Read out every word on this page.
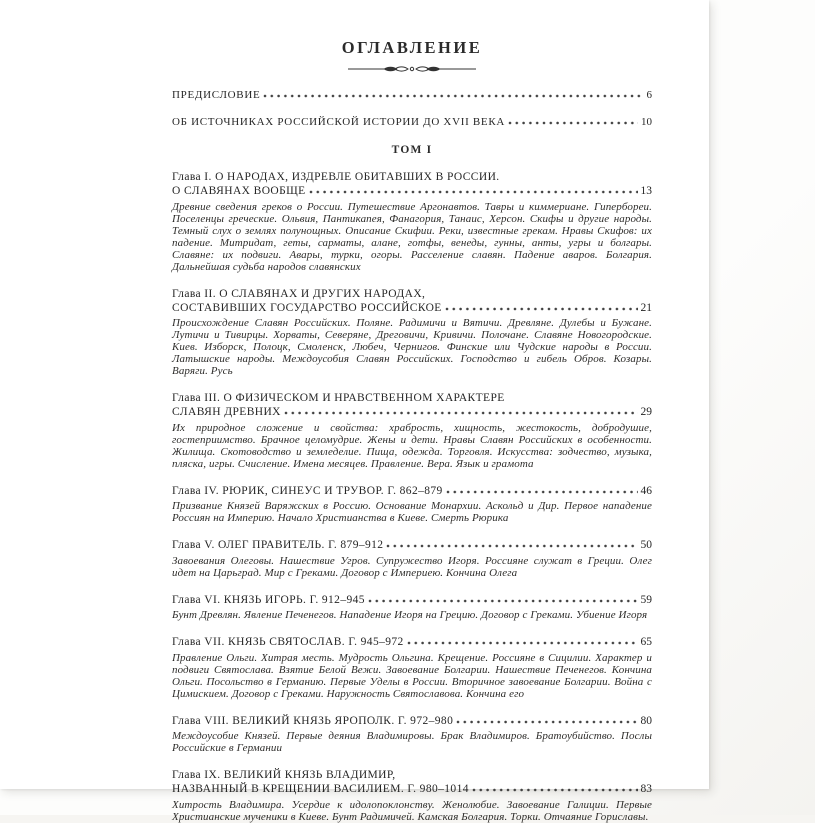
ОГЛАВЛЕНИЕ
ПРЕДИСЛОВИЕ	6
ОБ ИСТОЧНИКАХ РОССИЙСКОЙ ИСТОРИИ ДО XVII ВЕКА	10
ТОМ I
Глава I. О НАРОДАХ, ИЗДРЕВЛЕ ОБИТАВШИХ В РОССИИ.
О СЛАВЯНАХ ВООБЩЕ	13

Древние сведения греков о России. Путешествие Аргонавтов. Тавры и киммериане. Гипербореи. Поселенцы греческие. Ольвия, Пантикапея, Фанагория, Танаис, Херсон. Скифы и другие народы. Темный слух о землях полунощных. Описание Скифии. Реки, известные грекам. Нравы Скифов: их падение. Митридат, геты, сарматы, алане, готфы, венеды, гунны, анты, угры и болгары. Славяне: их подвиги. Авары, турки, огоры. Расселение славян. Падение аваров. Болгария. Дальнейшая судьба народов славянских

Глава II. О СЛАВЯНАХ И ДРУГИХ НАРОДАХ,
СОСТАВИВШИХ ГОСУДАРСТВО РОССИЙСКОЕ	21

Происхождение Славян Российских. Поляне. Радимичи и Вятичи. Древляне. Дулебы и Бужане. Лутичи и Тивирцы. Хорваты, Северяне, Дреговичи, Кривичи. Полочане. Славяне Новогородские. Киев. Изборск, Полоцк, Смоленск, Любеч, Чернигов. Финские или Чудские народы в России. Латышские народы. Междоусобия Славян Российских. Господство и гибель Обров. Козары. Варяги. Русь

Глава III. О ФИЗИЧЕСКОМ И НРАВСТВЕННОМ ХАРАКТЕРЕ
СЛАВЯН ДРЕВНИХ	29

Их природное сложение и свойства: храбрость, хищность, жестокость, добродушие, гостеприимство. Брачное целомудрие. Жены и дети. Нравы Славян Российских в особенности. Жилища. Скотоводство и земледелие. Пища, одежда. Торговля. Искусства: зодчество, музыка, пляска, игры. Счисление. Имена месяцев. Правление. Вера. Язык и грамота

Глава IV. РЮРИК, СИНЕУС И ТРУВОР. Г. 862–879	46

Призвание Князей Варяжских в Россию. Основание Монархии. Аскольд и Дир. Первое нападение Россиян на Империю. Начало Христианства в Киеве. Смерть Рюрика

Глава V. ОЛЕГ ПРАВИТЕЛЬ. Г. 879–912	50

Завоевания Олеговы. Нашествие Угров. Супружество Игоря. Россияне служат в Греции. Олег идет на Царьград. Мир с Греками. Договор с Империею. Кончина Олега

Глава VI. КНЯЗЬ ИГОРЬ. Г. 912–945	59

Бунт Древлян. Явление Печенегов. Нападение Игоря на Грецию. Договор с Греками. Убиение Игоря

Глава VII. КНЯЗЬ СВЯТОСЛАВ. Г. 945–972	65

Правление Ольги. Хитрая месть. Мудрость Ольгина. Крещение. Россияне в Сицилии. Характер и подвиги Святослава. Взятие Белой Вежи. Завоевание Болгарии. Нашествие Печенегов. Кончина Ольги. Посольство в Германию. Первые Уделы в России. Вторичное завоевание Болгарии. Война с Цимискием. Договор с Греками. Наружность Святославова. Кончина его

Глава VIII. ВЕЛИКИЙ КНЯЗЬ ЯРОПОЛК. Г. 972–980	80

Междоусобие Князей. Первые деяния Владимировы. Брак Владимиров. Братоубийство. Послы Российские в Германии

Глава IX. ВЕЛИКИЙ КНЯЗЬ ВЛАДИМИР,
НАЗВАННЫЙ В КРЕЩЕНИИ ВАСИЛИЕМ. Г. 980–1014	83

Хитрость Владимира. Усердие к идолопоклонству. Женолюбие. Завоевание Галиции. Первые Христианские мученики в Киеве. Бунт Радимичей. Камская Болгария. Торки. Отчаяние Гориславы.
